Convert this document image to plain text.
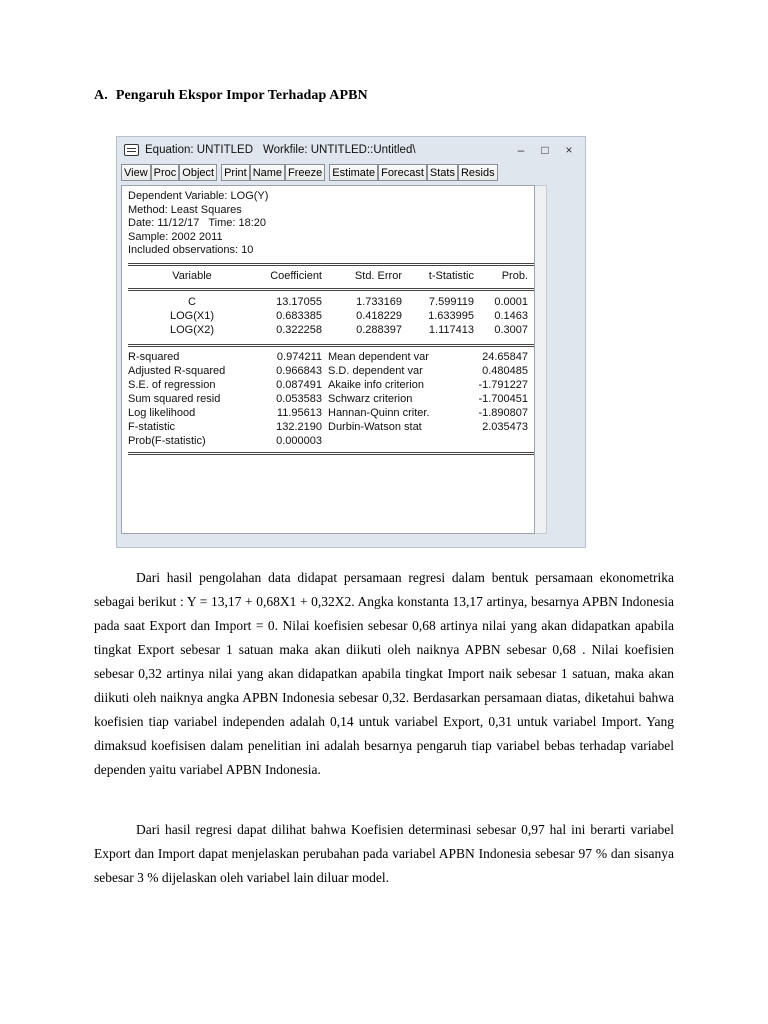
A. Pengaruh Ekspor Impor Terhadap APBN
Equation: UNTITLED Workfile: UNTITLED::Untitled\	– □ ×
View Proc Object Print Name Freeze Estimate Forecast Stats Resids
Dependent Variable: LOG(Y)
Method: Least Squares
Date: 11/12/17   Time: 18:20
Sample: 2002 2011
Included observations: 10
Variable	Coefficient	Std. Error	t-Statistic	Prob.
C	13.17055	1.733169	7.599119	0.0001
LOG(X1)	0.683385	0.418229	1.633995	0.1463
LOG(X2)	0.322258	0.288397	1.117413	0.3007
R-squared	0.974211 Mean dependent var	24.65847
Adjusted R-squared	0.966843 S.D. dependent var	0.480485
S.E. of regression	0.087491 Akaike info criterion	-1.791227
Sum squared resid	0.053583 Schwarz criterion	-1.700451
Log likelihood	11.95613 Hannan-Quinn criter.	-1.890807
F-statistic	132.2190 Durbin-Watson stat	2.035473
Prob(F-statistic)	0.000003
Dari hasil pengolahan data didapat persamaan regresi dalam bentuk persamaan ekonometrika sebagai berikut : Y = 13,17 + 0,68X1 + 0,32X2. Angka konstanta 13,17 artinya, besarnya APBN Indonesia pada saat Export dan Import = 0. Nilai koefisien sebesar 0,68 artinya nilai yang akan didapatkan apabila tingkat Export sebesar 1 satuan maka akan diikuti oleh naiknya APBN sebesar 0,68 . Nilai koefisien sebesar 0,32 artinya nilai yang akan didapatkan apabila tingkat Import naik sebesar 1 satuan, maka akan diikuti oleh naiknya angka APBN Indonesia sebesar 0,32. Berdasarkan persamaan diatas, diketahui bahwa koefisien tiap variabel independen adalah 0,14 untuk variabel Export, 0,31 untuk variabel Import. Yang dimaksud koefisisen dalam penelitian ini adalah besarnya pengaruh tiap variabel bebas terhadap variabel dependen yaitu variabel APBN Indonesia.
Dari hasil regresi dapat dilihat bahwa Koefisien determinasi sebesar 0,97 hal ini berarti variabel Export dan Import dapat menjelaskan perubahan pada variabel APBN Indonesia sebesar 97 % dan sisanya sebesar 3 % dijelaskan oleh variabel lain diluar model.
